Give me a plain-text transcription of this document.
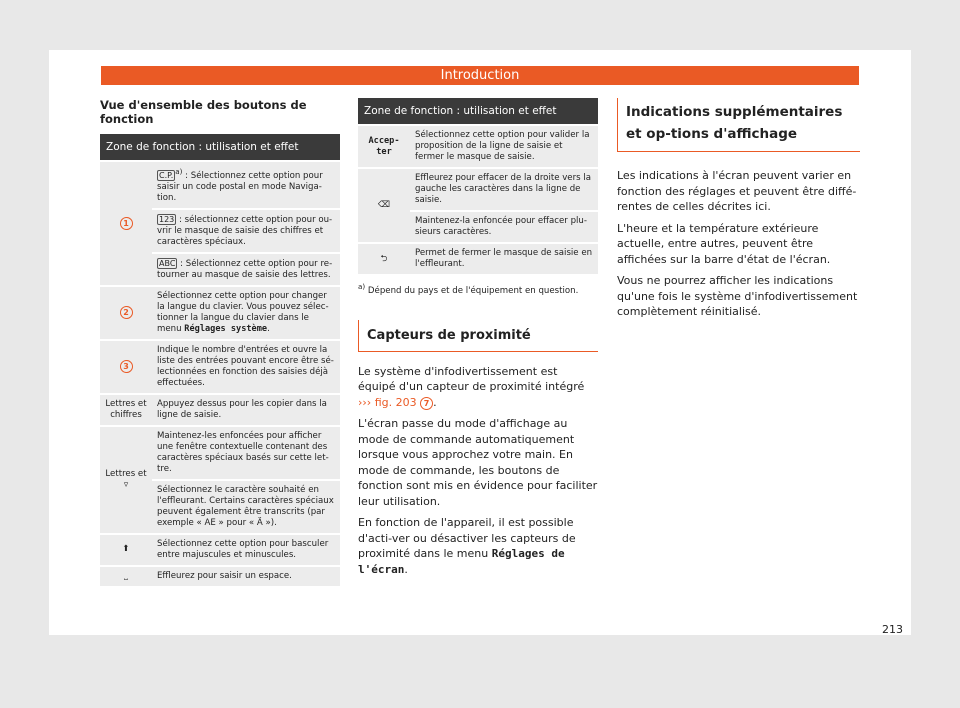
Introduction
Vue d'ensemble des boutons de fonction
Zone de fonction : utilisation et effet	
1	C.P. $^{a)}$ : Sélectionnez cette option pour saisir un code postal en mode Naviga-tion.
	123 : sélectionnez cette option pour ou-vrir le masque de saisie des chiffres et caractères spéciaux.
	ABC : Sélectionnez cette option pour re-tourner au masque de saisie des lettres.
2	Sélectionnez cette option pour changer la langue du clavier. Vous pouvez sélec-tionner la langue du clavier dans le menu Réglages système.
3	Indique le nombre d'entrées et ouvre la liste des entrées pouvant encore être sé-lectionnées en fonction des saisies déjà effectuées.
Lettres et chiffres	Appuyez dessus pour les copier dans la ligne de saisie.
Lettres et ▿	Maintenez-les enfoncées pour afficher une fenêtre contextuelle contenant des caractères spéciaux basés sur cette let-tre.
	Sélectionnez le caractère souhaité en l'effleurant. Certains caractères spéciaux peuvent également être transcrits (par exemple « AE » pour « Ä »).
⬆	Sélectionnez cette option pour basculer entre majuscules et minuscules.
⎵	Effleurez pour saisir un espace.
Zone de fonction : utilisation et effet	
Accep-ter	Sélectionnez cette option pour valider la proposition de la ligne de saisie et fermer le masque de saisie.
⌫	Effleurez pour effacer de la droite vers la gauche les caractères dans la ligne de saisie.
	Maintenez-la enfoncée pour effacer plu-sieurs caractères.
⮌	Permet de fermer le masque de saisie en l'effleurant.
$^{a)}$ Dépend du pays et de l'équipement en question.
Capteurs de proximité

Le système d'infodivertissement est équipé d'un capteur de proximité intégré
››› fig. 203 7 .

L'écran passe du mode d'affichage au mode de commande automatiquement lorsque vous approchez votre main. En mode de commande, les boutons de fonction sont mis en évidence pour faciliter leur utilisation.

En fonction de l'appareil, il est possible d'acti-ver ou désactiver les capteurs de proximité dans le menu Réglages de l'écran.

Indications supplémentaires et op-tions d'affichage

Les indications à l'écran peuvent varier en fonction des réglages et peuvent être diffé-rentes de celles décrites ici.

L'heure et la température extérieure actuelle, entre autres, peuvent être affichées sur la barre d'état de l'écran.

Vous ne pourrez afficher les indications qu'une fois le système d'infodivertissement complètement réinitialisé.

213
